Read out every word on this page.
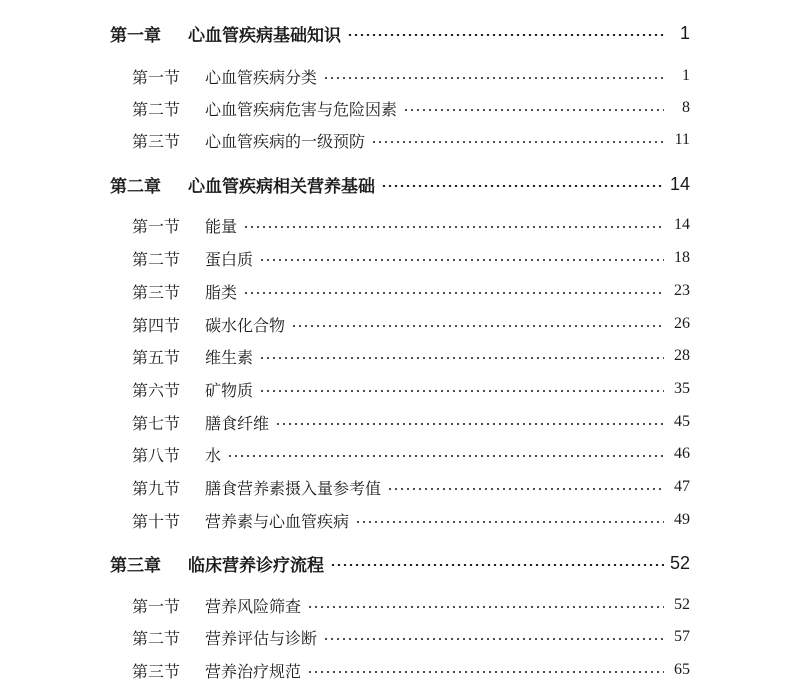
第一章	心血管疾病基础知识	1
第一节	心血管疾病分类	1
第二节	心血管疾病危害与危险因素	8
第三节	心血管疾病的一级预防	11
第二章	心血管疾病相关营养基础	14
第一节	能量	14
第二节	蛋白质	18
第三节	脂类	23
第四节	碳水化合物	26
第五节	维生素	28
第六节	矿物质	35
第七节	膳食纤维	45
第八节	水	46
第九节	膳食营养素摄入量参考值	47
第十节	营养素与心血管疾病	49
第三章	临床营养诊疗流程	52
第一节	营养风险筛查	52
第二节	营养评估与诊断	57
第三节	营养治疗规范	65
